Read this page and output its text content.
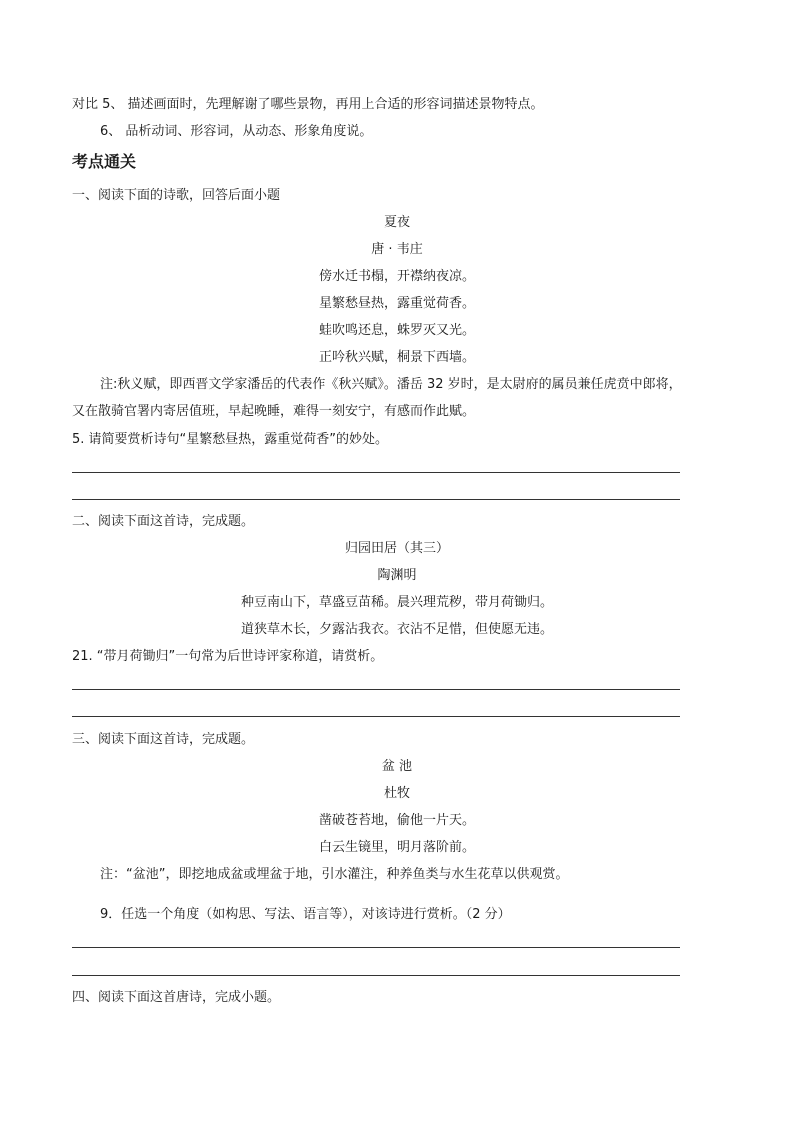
对比 5、 描述画面时，先理解谢了哪些景物，再用上合适的形容词描述景物特点。
6、 品析动词、形容词，从动态、形象角度说。
考点通关
一、阅读下面的诗歌，回答后面小题
夏夜
唐 · 韦庄
傍水迁书榻，开襟纳夜凉。
星繁愁昼热，露重觉荷香。
蛙吹鸣还息，蛛罗灭又光。
正吟秋兴赋，桐景下西墙。
注:秋义赋，即西晋文学家潘岳的代表作《秋兴赋》。潘岳 32 岁时，是太尉府的属员兼任虎贲中郎将，
又在散骑官署内寄居值班，早起晚睡，难得一刻安宁，有感而作此赋。
5. 请简要赏析诗句“星繁愁昼热，露重觉荷香”的妙处。
二、阅读下面这首诗，完成题。
归园田居（其三）
陶渊明
种豆南山下，草盛豆苗稀。晨兴理荒秽，带月荷锄归。
道狭草木长，夕露沾我衣。衣沾不足惜，但使愿无违。
21. “带月荷锄归”一句常为后世诗评家称道，请赏析。
三、阅读下面这首诗，完成题。
盆 池
杜牧
凿破苍苔地，偷他一片天。
白云生镜里，明月落阶前。
注：“盆池”，即挖地成盆或埋盆于地，引水灌注，种养鱼类与水生花草以供观赏。
9．任选一个角度（如构思、写法、语言等），对该诗进行赏析。（2 分）
四、阅读下面这首唐诗，完成小题。
